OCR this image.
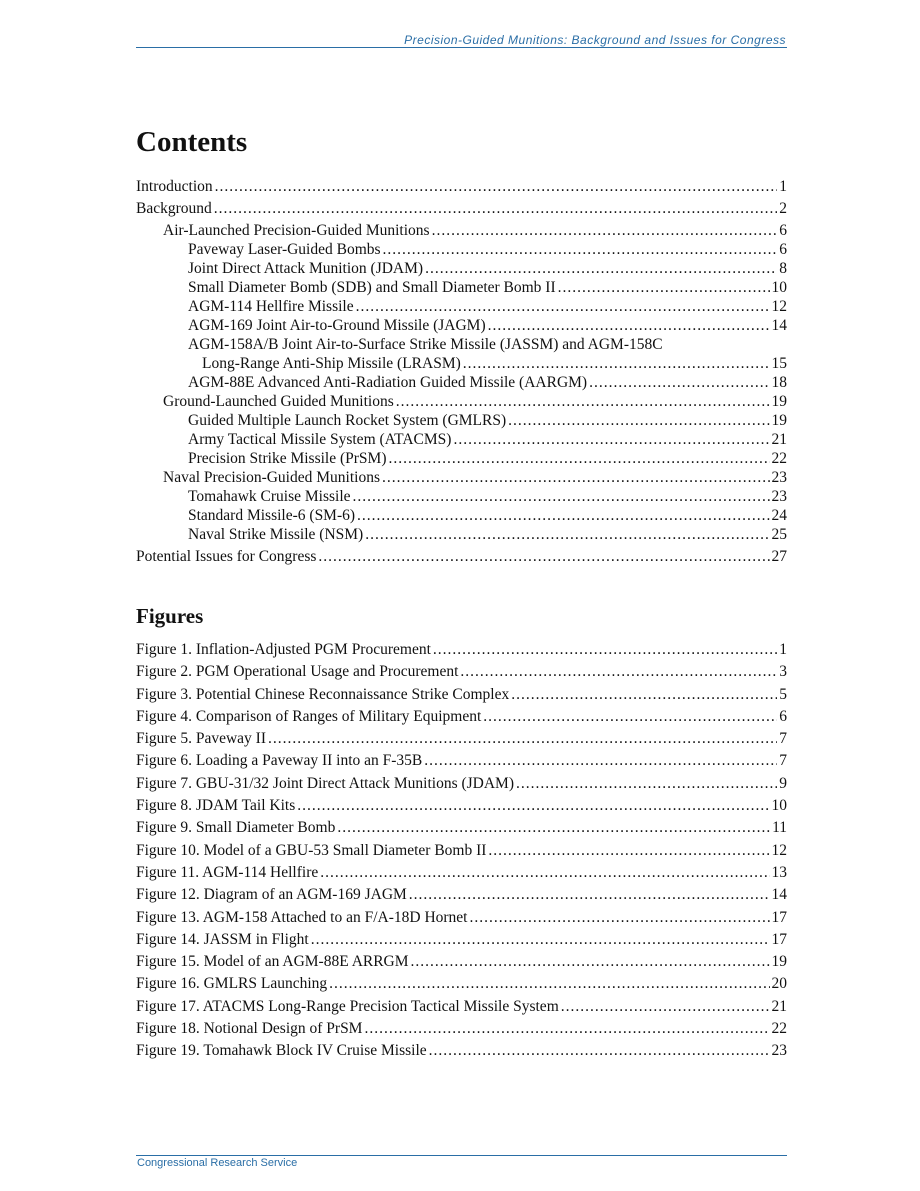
Precision-Guided Munitions: Background and Issues for Congress
Contents
Introduction .....	1
Background .....	2
Air-Launched Precision-Guided Munitions .....	6
Paveway Laser-Guided Bombs .....	6
Joint Direct Attack Munition (JDAM) .....	8
Small Diameter Bomb (SDB) and Small Diameter Bomb II .....	10
AGM-114 Hellfire Missile .....	12
AGM-169 Joint Air-to-Ground Missile (JAGM) .....	14
AGM-158A/B Joint Air-to-Surface Strike Missile (JASSM) and AGM-158C
Long-Range Anti-Ship Missile (LRASM) .....	15
AGM-88E Advanced Anti-Radiation Guided Missile (AARGM) .....	18
Ground-Launched Guided Munitions .....	19
Guided Multiple Launch Rocket System (GMLRS) .....	19
Army Tactical Missile System (ATACMS) .....	21
Precision Strike Missile (PrSM) .....	22
Naval Precision-Guided Munitions .....	23
Tomahawk Cruise Missile .....	23
Standard Missile-6 (SM-6) .....	24
Naval Strike Missile (NSM) .....	25
Potential Issues for Congress .....	27
Figures
Figure 1. Inflation-Adjusted PGM Procurement .....	1
Figure 2. PGM Operational Usage and Procurement .....	3
Figure 3. Potential Chinese Reconnaissance Strike Complex .....	5
Figure 4. Comparison of Ranges of Military Equipment .....	6
Figure 5. Paveway II .....	7
Figure 6. Loading a Paveway II into an F-35B .....	7
Figure 7. GBU-31/32 Joint Direct Attack Munitions (JDAM) .....	9
Figure 8. JDAM Tail Kits .....	10
Figure 9. Small Diameter Bomb .....	11
Figure 10. Model of a GBU-53 Small Diameter Bomb II .....	12
Figure 11. AGM-114 Hellfire .....	13
Figure 12. Diagram of an AGM-169 JAGM .....	14
Figure 13. AGM-158 Attached to an F/A-18D Hornet .....	17
Figure 14. JASSM in Flight .....	17
Figure 15. Model of an AGM-88E ARRGM .....	19
Figure 16. GMLRS Launching .....	20
Figure 17. ATACMS Long-Range Precision Tactical Missile System .....	21
Figure 18. Notional Design of PrSM .....	22
Figure 19. Tomahawk Block IV Cruise Missile .....	23
Congressional Research Service
